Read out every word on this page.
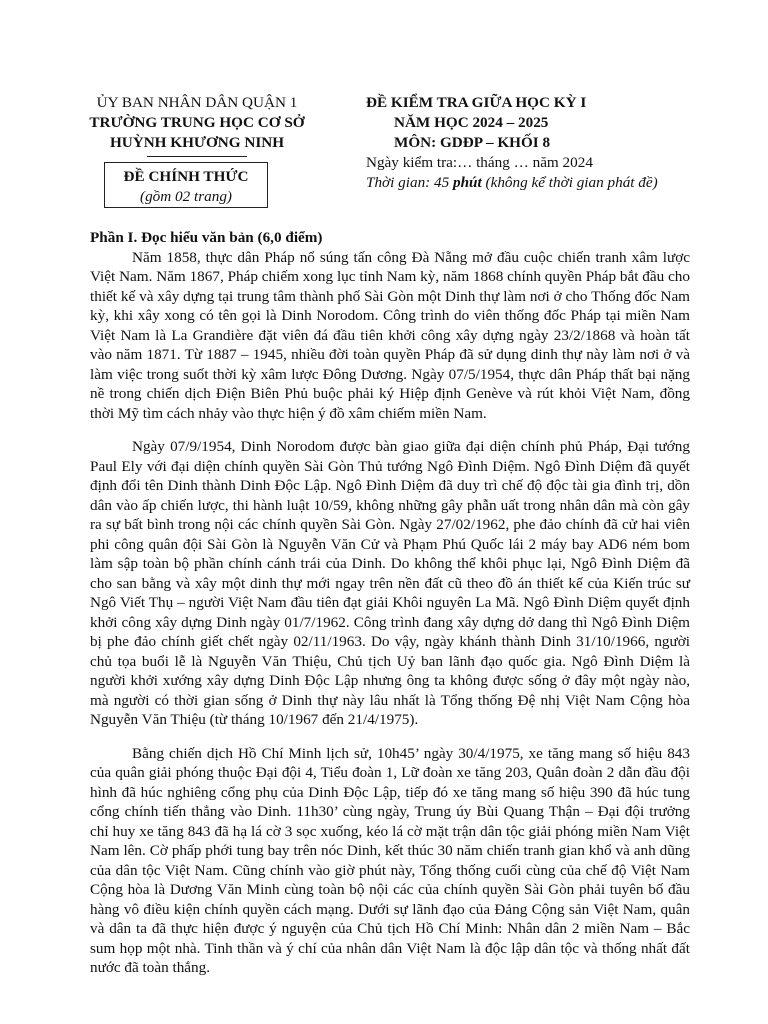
ỦY BAN NHÂN DÂN QUẬN 1
TRƯỜNG TRUNG HỌC CƠ SỞ
HUỲNH KHƯƠNG NINH
ĐỀ CHÍNH THỨC
(gồm 02 trang)
ĐỀ KIỂM TRA GIỮA HỌC KỲ I
NĂM HỌC 2024 – 2025
MÔN: GDĐP – KHỐI 8
Ngày kiểm tra:… tháng … năm 2024
Thời gian: 45 phút (không kể thời gian phát đề)
Phần I. Đọc hiểu văn bản (6,0 điểm)

Năm 1858, thực dân Pháp nổ súng tấn công Đà Nẵng mở đầu cuộc chiến tranh xâm lược Việt Nam. Năm 1867, Pháp chiếm xong lục tỉnh Nam kỳ, năm 1868 chính quyền Pháp bắt đầu cho thiết kế và xây dựng tại trung tâm thành phố Sài Gòn một Dinh thự làm nơi ở cho Thống đốc Nam kỳ, khi xây xong có tên gọi là Dinh Norodom. Công trình do viên thống đốc Pháp tại miền Nam Việt Nam là La Grandière đặt viên đá đầu tiên khởi công xây dựng ngày 23/2/1868 và hoàn tất vào năm 1871. Từ 1887 – 1945, nhiều đời toàn quyền Pháp đã sử dụng dinh thự này làm nơi ở và làm việc trong suốt thời kỳ xâm lược Đông Dương. Ngày 07/5/1954, thực dân Pháp thất bại nặng nề trong chiến dịch Điện Biên Phủ buộc phải ký Hiệp định Genève và rút khỏi Việt Nam, đồng thời Mỹ tìm cách nhảy vào thực hiện ý đồ xâm chiếm miền Nam.

Ngày 07/9/1954, Dinh Norodom được bàn giao giữa đại diện chính phủ Pháp, Đại tướng Paul Ely với đại diện chính quyền Sài Gòn Thủ tướng Ngô Đình Diệm. Ngô Đình Diệm đã quyết định đổi tên Dinh thành Dinh Độc Lập. Ngô Đình Diệm đã duy trì chế độ độc tài gia đình trị, dồn dân vào ấp chiến lược, thi hành luật 10/59, không những gây phẫn uất trong nhân dân mà còn gây ra sự bất bình trong nội các chính quyền Sài Gòn. Ngày 27/02/1962, phe đảo chính đã cử hai viên phi công quân đội Sài Gòn là Nguyễn Văn Cử và Phạm Phú Quốc lái 2 máy bay AD6 ném bom làm sập toàn bộ phần chính cánh trái của Dinh. Do không thể khôi phục lại, Ngô Đình Diệm đã cho san bằng và xây một dinh thự mới ngay trên nền đất cũ theo đồ án thiết kế của Kiến trúc sư Ngô Viết Thụ – người Việt Nam đầu tiên đạt giải Khôi nguyên La Mã. Ngô Đình Diệm quyết định khởi công xây dựng Dinh ngày 01/7/1962. Công trình đang xây dựng dở dang thì Ngô Đình Diệm bị phe đảo chính giết chết ngày 02/11/1963. Do vậy, ngày khánh thành Dinh 31/10/1966, người chủ tọa buổi lễ là Nguyễn Văn Thiệu, Chủ tịch Uỷ ban lãnh đạo quốc gia. Ngô Đình Diệm là người khởi xướng xây dựng Dinh Độc Lập nhưng ông ta không được sống ở đây một ngày nào, mà người có thời gian sống ở Dinh thự này lâu nhất là Tổng thống Đệ nhị Việt Nam Cộng hòa Nguyễn Văn Thiệu (từ tháng 10/1967 đến 21/4/1975).

Bằng chiến dịch Hồ Chí Minh lịch sử, 10h45’ ngày 30/4/1975, xe tăng mang số hiệu 843 của quân giải phóng thuộc Đại đội 4, Tiểu đoàn 1, Lữ đoàn xe tăng 203, Quân đoàn 2 dẫn đầu đội hình đã húc nghiêng cổng phụ của Dinh Độc Lập, tiếp đó xe tăng mang số hiệu 390 đã húc tung cổng chính tiến thẳng vào Dinh. 11h30’ cùng ngày, Trung úy Bùi Quang Thận – Đại đội trưởng chỉ huy xe tăng 843 đã hạ lá cờ 3 sọc xuống, kéo lá cờ mặt trận dân tộc giải phóng miền Nam Việt Nam lên. Cờ phấp phới tung bay trên nóc Dinh, kết thúc 30 năm chiến tranh gian khổ và anh dũng của dân tộc Việt Nam. Cũng chính vào giờ phút này, Tổng thống cuối cùng của chế độ Việt Nam Cộng hòa là Dương Văn Minh cùng toàn bộ nội các của chính quyền Sài Gòn phải tuyên bố đầu hàng vô điều kiện chính quyền cách mạng. Dưới sự lãnh đạo của Đảng Cộng sản Việt Nam, quân và dân ta đã thực hiện được ý nguyện của Chủ tịch Hồ Chí Minh: Nhân dân 2 miền Nam – Bắc sum họp một nhà. Tinh thần và ý chí của nhân dân Việt Nam là độc lập dân tộc và thống nhất đất nước đã toàn thắng.
